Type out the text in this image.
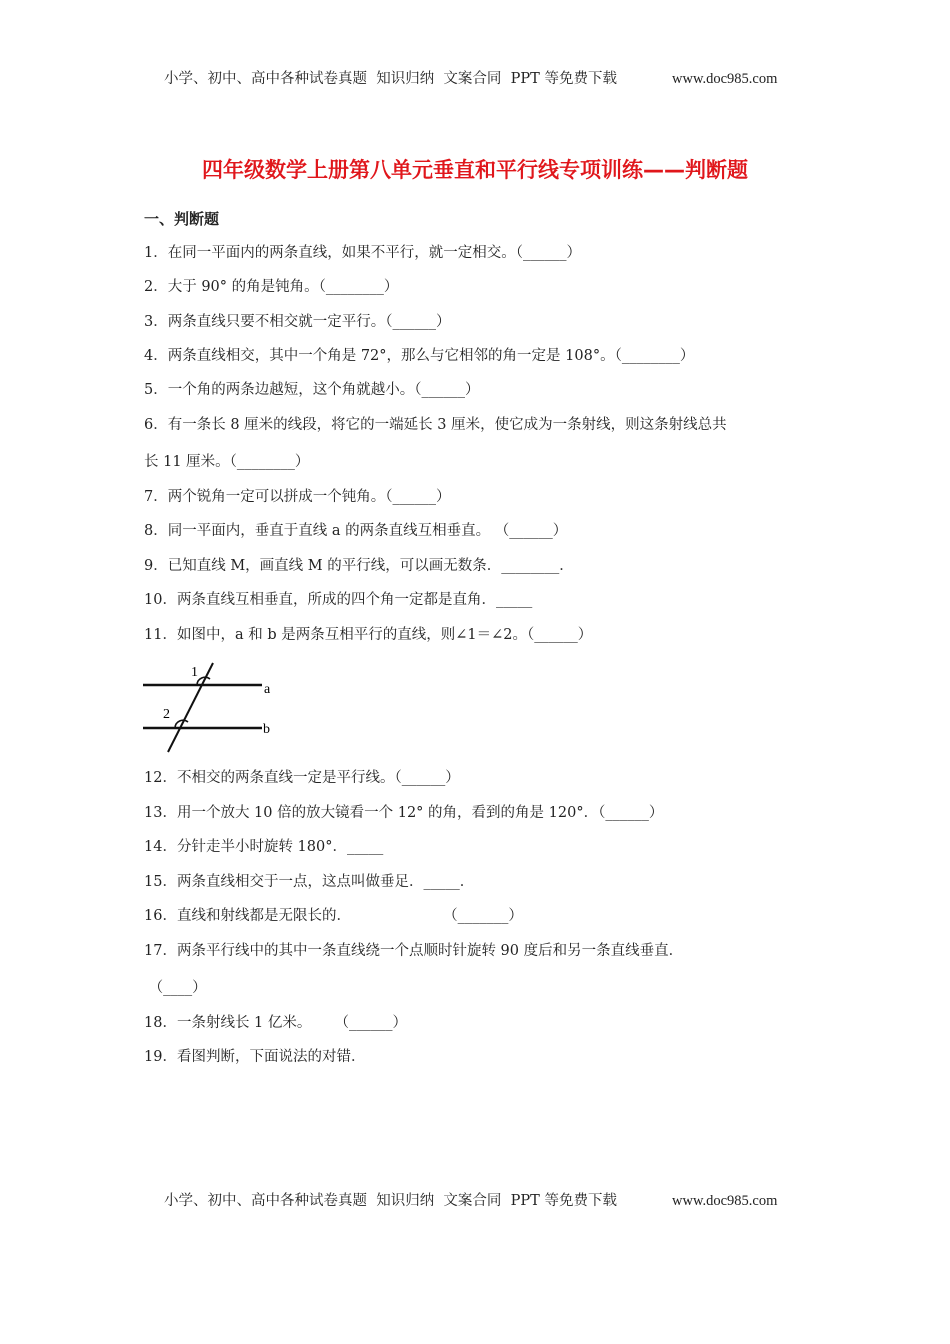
小学、初中、高中各种试卷真题  知识归纳  文案合同  PPT 等免费下载	www.doc985.com
四年级数学上册第八单元垂直和平行线专项训练——判断题
一、判断题
1．在同一平面内的两条直线，如果不平行，就一定相交。（______）
2．大于 90° 的角是钝角。（________）
3．两条直线只要不相交就一定平行。（______）
4．两条直线相交，其中一个角是 72°，那么与它相邻的角一定是 108°。（________）
5．一个角的两条边越短，这个角就越小。（______）
6．有一条长 8 厘米的线段，将它的一端延长 3 厘米，使它成为一条射线，则这条射线总共
长 11 厘米。（________）
7．两个锐角一定可以拼成一个钝角。（______）
8．同一平面内，垂直于直线 a 的两条直线互相垂直。 （______）
9．已知直线 M，画直线 M 的平行线，可以画无数条．________．
10．两条直线互相垂直，所成的四个角一定都是直角．_____
11．如图中，a 和 b 是两条互相平行的直线，则∠1＝∠2。（______）
12．不相交的两条直线一定是平行线。（______）
13．用一个放大 10 倍的放大镜看一个 12° 的角，看到的角是 120°．（______）
14．分针走半小时旋转 180°．_____
15．两条直线相交于一点，这点叫做垂足．_____．
16．直线和射线都是无限长的．                    （_______）
17．两条平行线中的其中一条直线绕一个点顺时针旋转 90 度后和另一条直线垂直．
（____）
18．一条射线长 1 亿米。     （______）
19．看图判断，下面说法的对错．
1
2
a
b
小学、初中、高中各种试卷真题  知识归纳  文案合同  PPT 等免费下载	www.doc985.com
